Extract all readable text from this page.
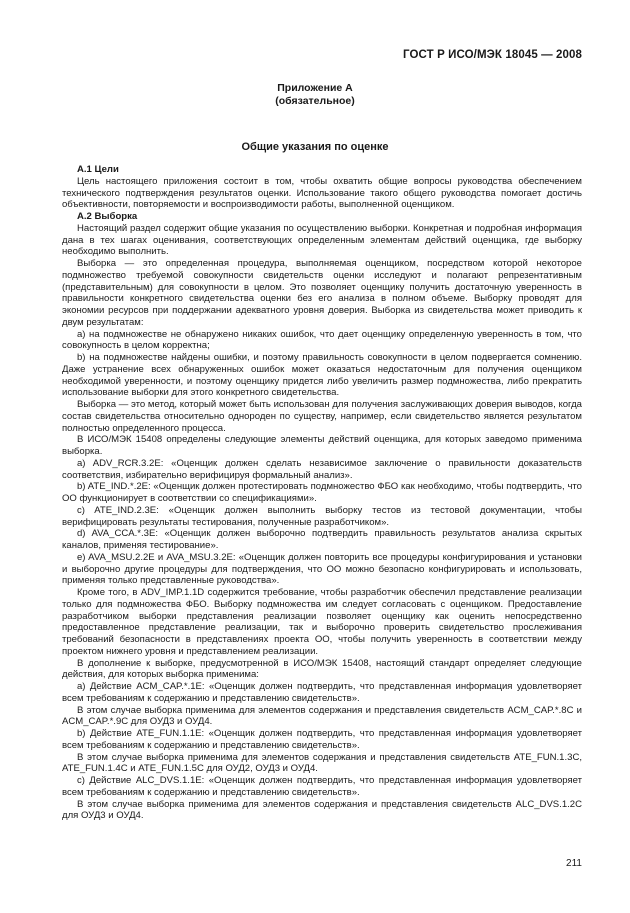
ГОСТ Р ИСО/МЭК 18045 — 2008
Приложение А
(обязательное)
Общие указания по оценке

А.1 Цели

Цель настоящего приложения состоит в том, чтобы охватить общие вопросы руководства обеспечением технического подтверждения результатов оценки. Использование такого общего руководства помогает достичь объективности, повторяемости и воспроизводимости работы, выполненной оценщиком.

А.2 Выборка

Настоящий раздел содержит общие указания по осуществлению выборки. Конкретная и подробная информация дана в тех шагах оценивания, соответствующих определенным элементам действий оценщика, где выборку необходимо выполнить.

Выборка — это определенная процедура, выполняемая оценщиком, посредством которой некоторое подмножество требуемой совокупности свидетельств оценки исследуют и полагают репрезентативным (представительным) для совокупности в целом. Это позволяет оценщику получить достаточную уверенность в правильности конкретного свидетельства оценки без его анализа в полном объеме. Выборку проводят для экономии ресурсов при поддержании адекватного уровня доверия. Выборка из свидетельства может приводить к двум результатам:

а) на подмножестве не обнаружено никаких ошибок, что дает оценщику определенную уверенность в том, что совокупность в целом корректна;

b) на подмножестве найдены ошибки, и поэтому правильность совокупности в целом подвергается сомнению. Даже устранение всех обнаруженных ошибок может оказаться недостаточным для получения оценщиком необходимой уверенности, и поэтому оценщику придется либо увеличить размер подмножества, либо прекратить использование выборки для этого конкретного свидетельства.

Выборка — это метод, который может быть использован для получения заслуживающих доверия выводов, когда состав свидетельства относительно однороден по существу, например, если свидетельство является результатом полностью определенного процесса.

В ИСО/МЭК 15408 определены следующие элементы действий оценщика, для которых заведомо применима выборка.

a) ADV_RCR.3.2E: «Оценщик должен сделать независимое заключение о правильности доказательств соответствия, избирательно верифицируя формальный анализ».

b) ATE_IND.*.2E: «Оценщик должен протестировать подмножество ФБО как необходимо, чтобы подтвердить, что ОО функционирует в соответствии со спецификациями».

c) ATE_IND.2.3E: «Оценщик должен выполнить выборку тестов из тестовой документации, чтобы верифицировать результаты тестирования, полученные разработчиком».

d) AVA_CCA.*.3E: «Оценщик должен выборочно подтвердить правильность результатов анализа скрытых каналов, применяя тестирование».

e) AVA_MSU.2.2E и AVA_MSU.3.2E: «Оценщик должен повторить все процедуры конфигурирования и установки и выборочно другие процедуры для подтверждения, что ОО можно безопасно конфигурировать и использовать, применяя только представленные руководства».

Кроме того, в ADV_IMP.1.1D содержится требование, чтобы разработчик обеспечил представление реализации только для подмножества ФБО. Выборку подмножества им следует согласовать с оценщиком. Предоставление разработчиком выборки представления реализации позволяет оценщику как оценить непосредственно предоставленное представление реализации, так и выборочно проверить свидетельство прослеживания требований безопасности в представлениях проекта ОО, чтобы получить уверенность в соответствии между проектом нижнего уровня и представлением реализации.

В дополнение к выборке, предусмотренной в ИСО/МЭК 15408, настоящий стандарт определяет следующие действия, для которых выборка применима:

a) Действие ACM_CAP.*.1E: «Оценщик должен подтвердить, что представленная информация удовлетворяет всем требованиям к содержанию и представлению свидетельств».

В этом случае выборка применима для элементов содержания и представления свидетельств ACM_CAP.*.8C и ACM_CAP.*.9C для ОУД3 и ОУД4.

b) Действие ATE_FUN.1.1E: «Оценщик должен подтвердить, что представленная информация удовлетворяет всем требованиям к содержанию и представлению свидетельств».

В этом случае выборка применима для элементов содержания и представления свидетельств ATE_FUN.1.3C, ATE_FUN.1.4C и ATE_FUN.1.5C для ОУД2, ОУД3 и ОУД4.

c) Действие ALC_DVS.1.1E: «Оценщик должен подтвердить, что представленная информация удовлетворяет всем требованиям к содержанию и представлению свидетельств».

В этом случае выборка применима для элементов содержания и представления свидетельств ALC_DVS.1.2C для ОУД3 и ОУД4.

211
